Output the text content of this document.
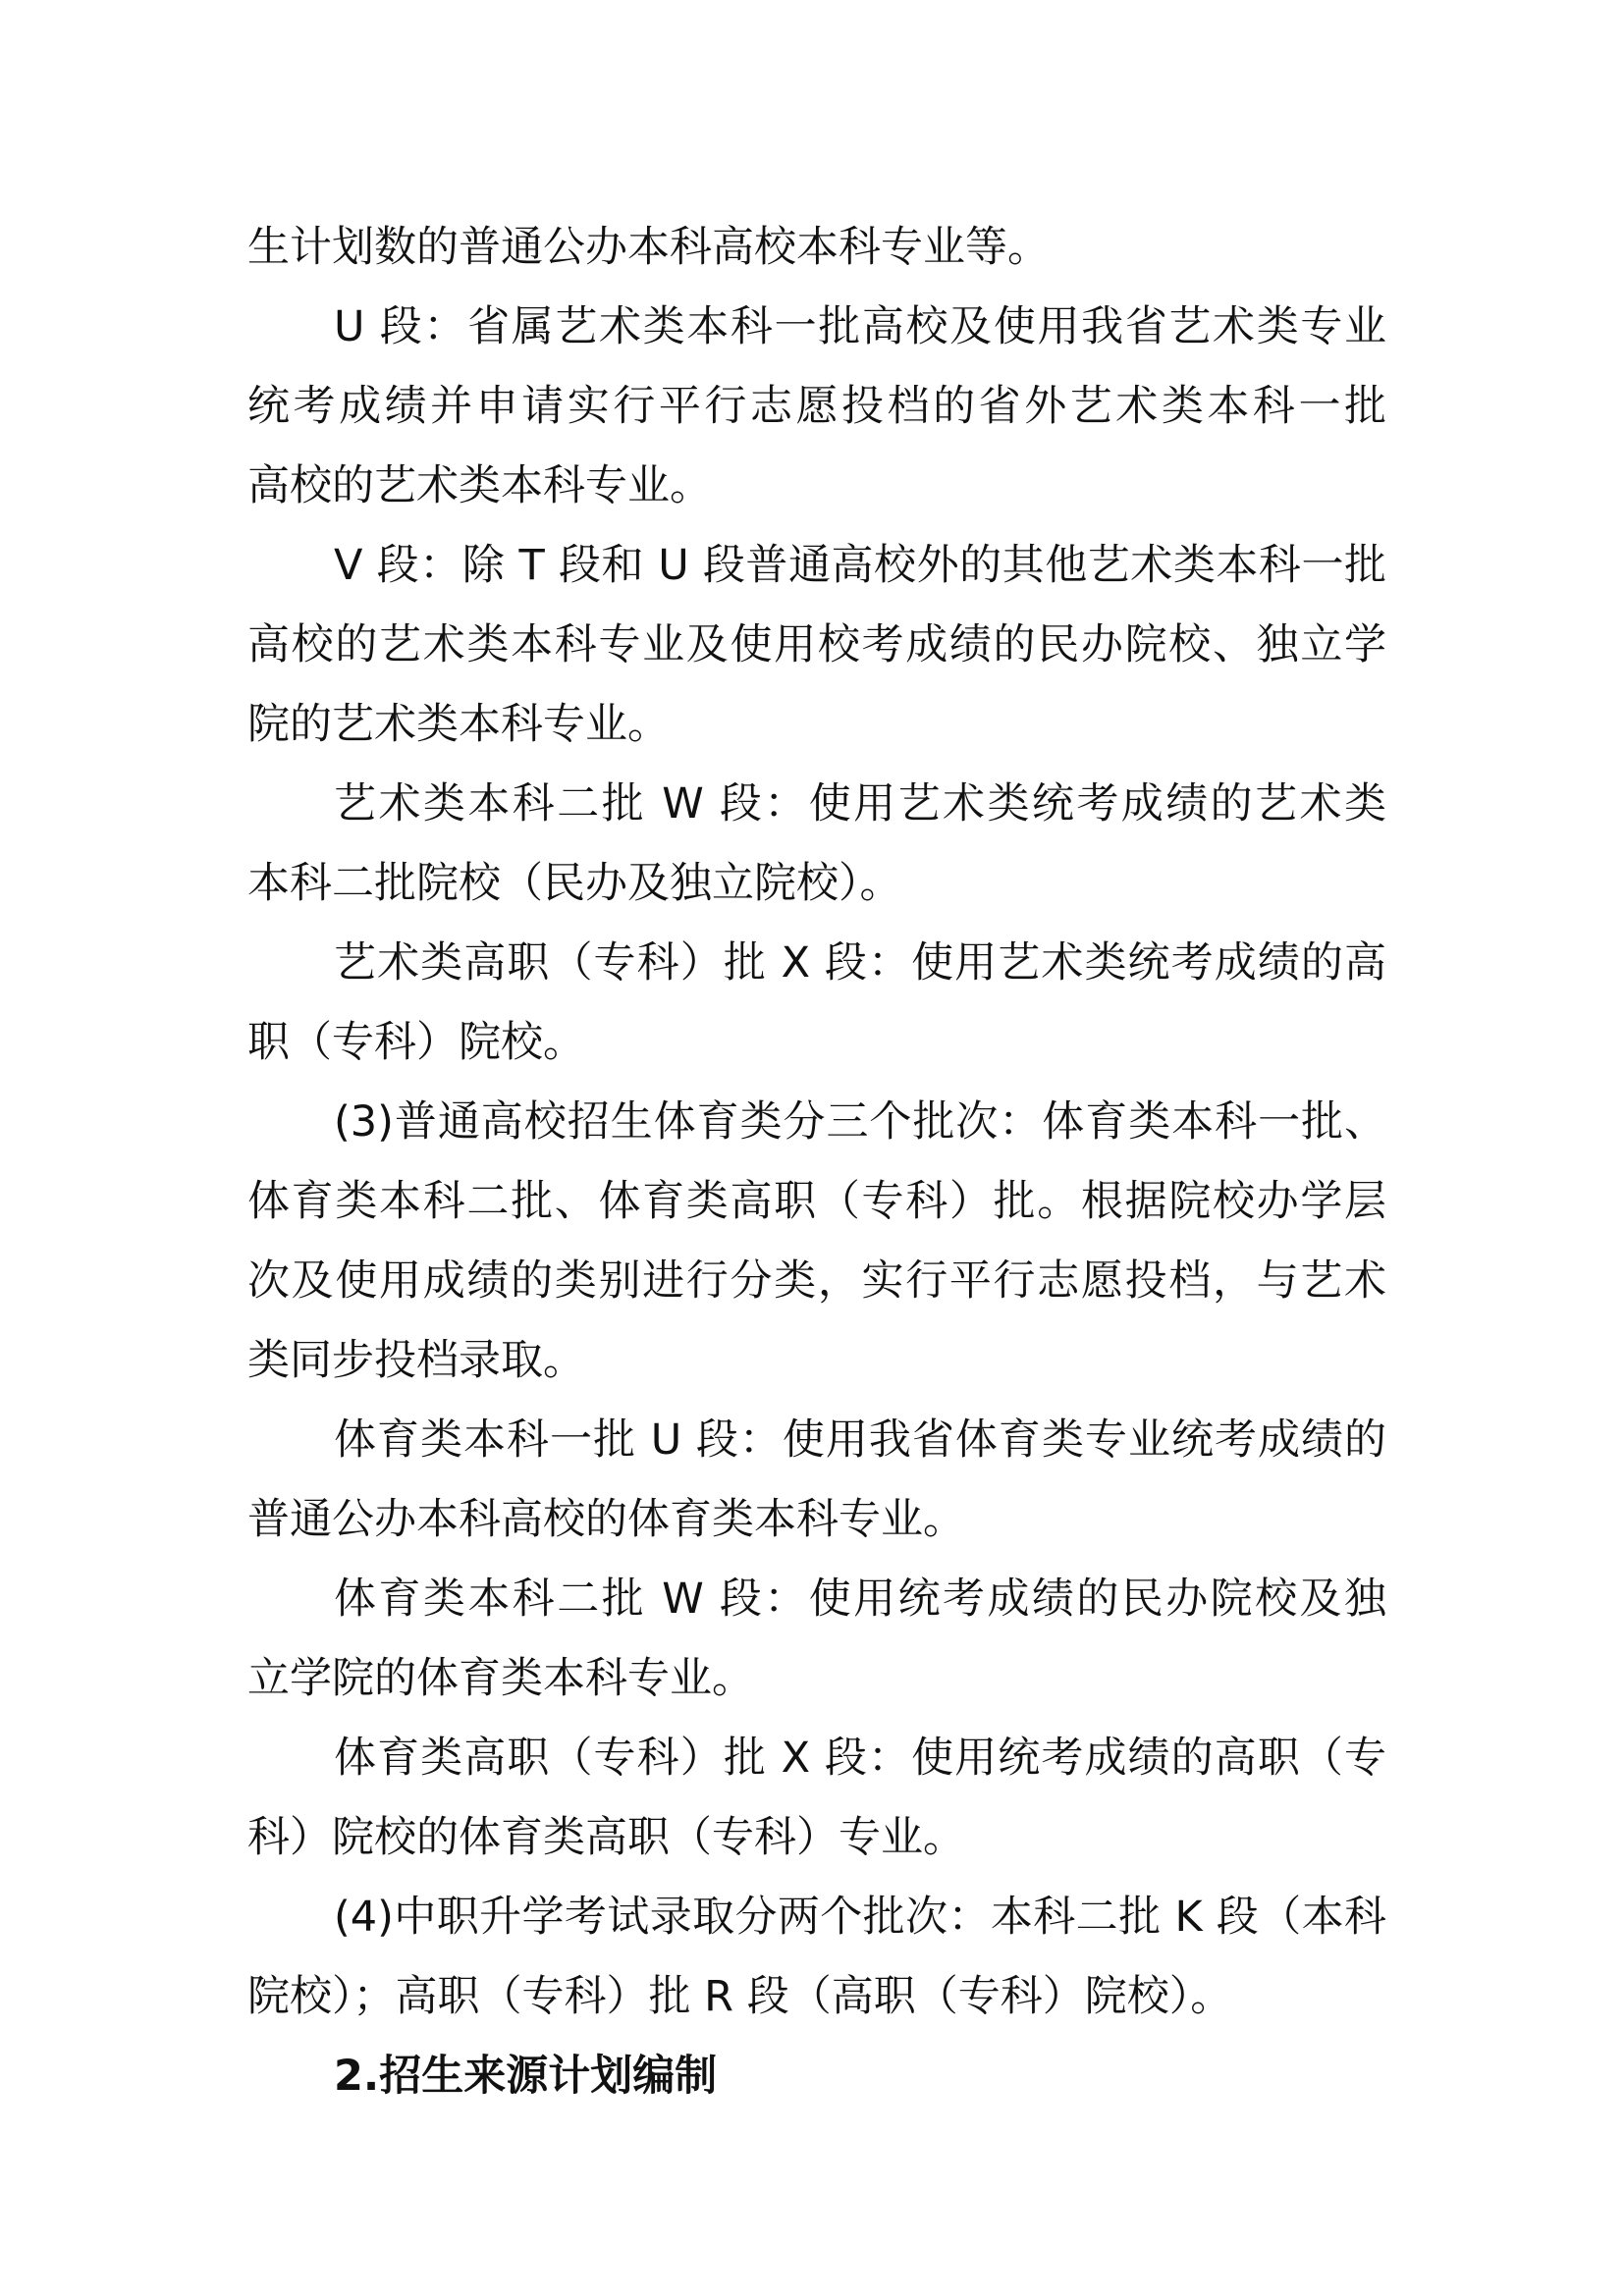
生计划数的普通公办本科高校本科专业等。
U 段：省属艺术类本科一批高校及使用我省艺术类专业
统考成绩并申请实行平行志愿投档的省外艺术类本科一批
高校的艺术类本科专业。
V 段：除 T 段和 U 段普通高校外的其他艺术类本科一批
高校的艺术类本科专业及使用校考成绩的民办院校、独立学
院的艺术类本科专业。
艺术类本科二批 W 段：使用艺术类统考成绩的艺术类
本科二批院校（民办及独立院校）。
艺术类高职（专科）批 X 段：使用艺术类统考成绩的高
职（专科）院校。
(3)普通高校招生体育类分三个批次：体育类本科一批、
体育类本科二批、体育类高职（专科）批。根据院校办学层
次及使用成绩的类别进行分类，实行平行志愿投档，与艺术
类同步投档录取。
体育类本科一批 U 段：使用我省体育类专业统考成绩的
普通公办本科高校的体育类本科专业。
体育类本科二批 W 段：使用统考成绩的民办院校及独
立学院的体育类本科专业。
体育类高职（专科）批 X 段：使用统考成绩的高职（专
科）院校的体育类高职（专科）专业。
(4)中职升学考试录取分两个批次：本科二批 K 段（本科
院校）；高职（专科）批 R 段（高职（专科）院校）。
2.招生来源计划编制
